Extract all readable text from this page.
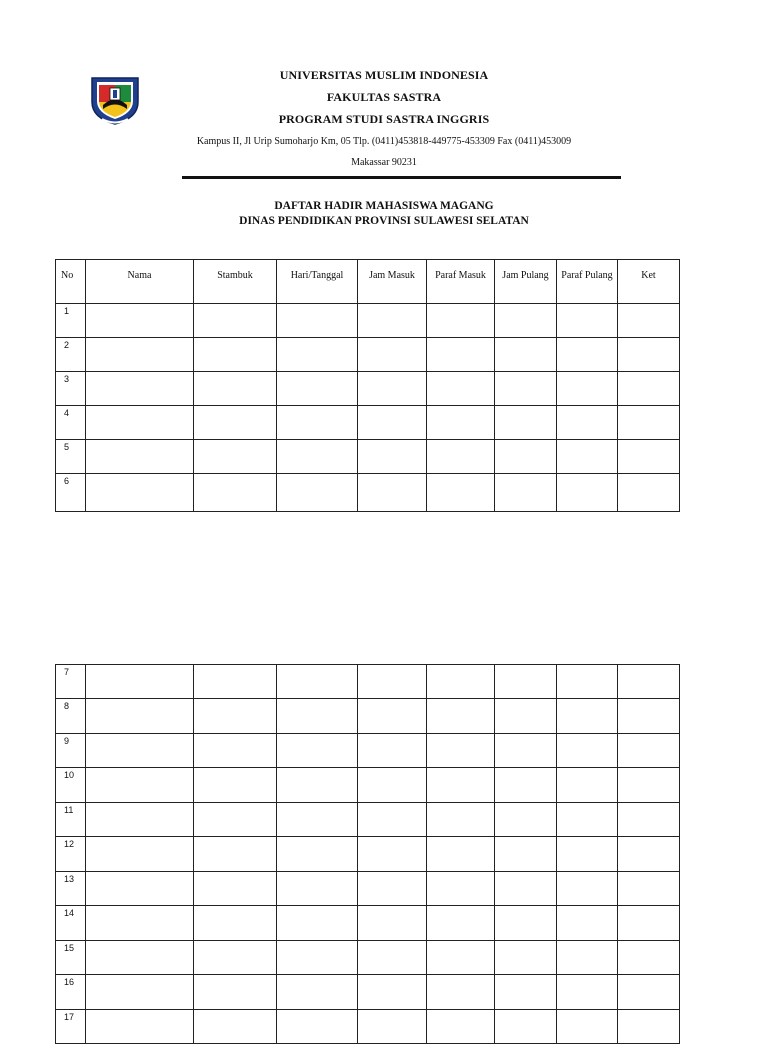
UNIVERSITAS MUSLIM INDONESIA
FAKULTAS SASTRA
PROGRAM STUDI SASTRA INGGRIS
Kampus II, Jl Urip Sumoharjo Km, 05 Tlp. (0411)453818-449775-453309 Fax (0411)453009
Makassar 90231
DAFTAR HADIR MAHASISWA MAGANG
DINAS PENDIDIKAN PROVINSI SULAWESI SELATAN
No	Nama	Stambuk	Hari/Tanggal	Jam Masuk	Paraf Masuk	Jam Pulang	Paraf Pulang	Ket
1								
2								
3								
4								
5								
6								
7								
8								
9								
10								
11								
12								
13								
14								
15								
16								
17								
